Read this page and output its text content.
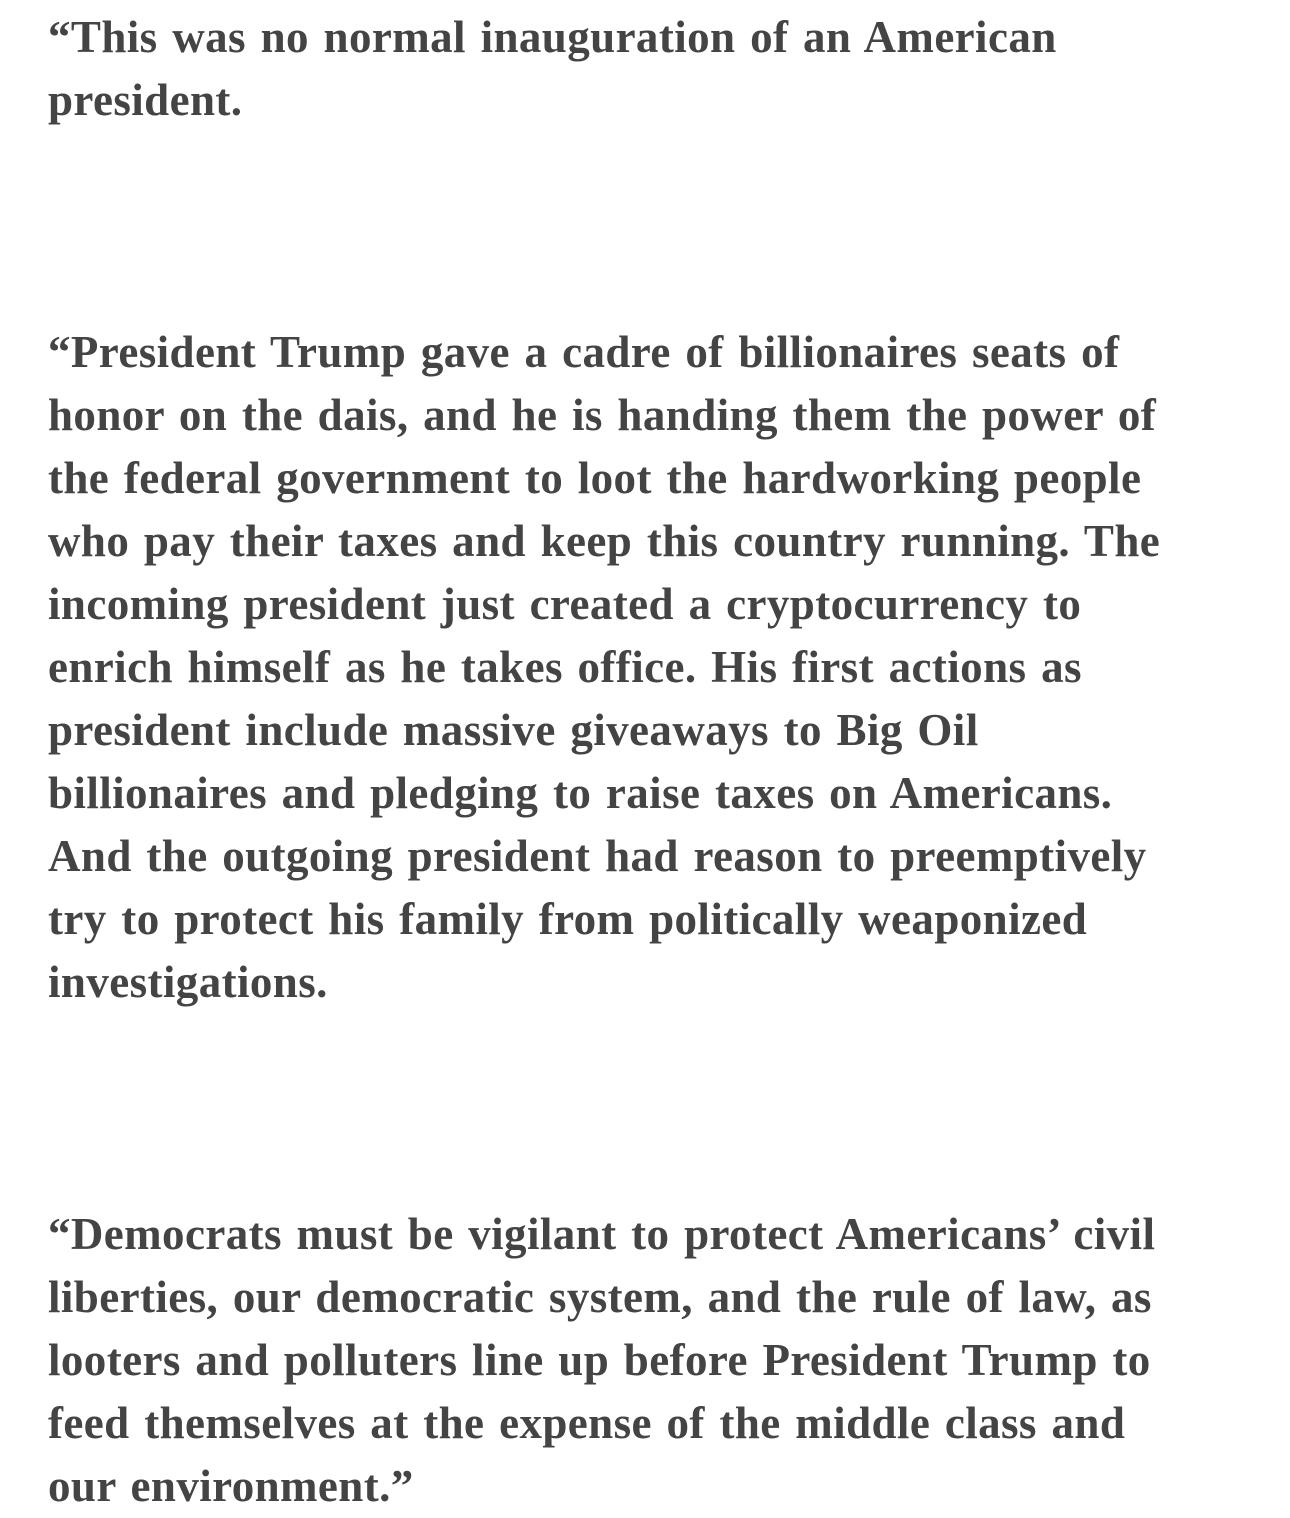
“This was no normal inauguration of an American
president.

“President Trump gave a cadre of billionaires seats of
honor on the dais, and he is handing them the power of
the federal government to loot the hardworking people
who pay their taxes and keep this country running. The
incoming president just created a cryptocurrency to
enrich himself as he takes office. His first actions as
president include massive giveaways to Big Oil
billionaires and pledging to raise taxes on Americans.
And the outgoing president had reason to preemptively
try to protect his family from politically weaponized
investigations.

“Democrats must be vigilant to protect Americans’ civil
liberties, our democratic system, and the rule of law, as
looters and polluters line up before President Trump to
feed themselves at the expense of the middle class and
our environment.”
